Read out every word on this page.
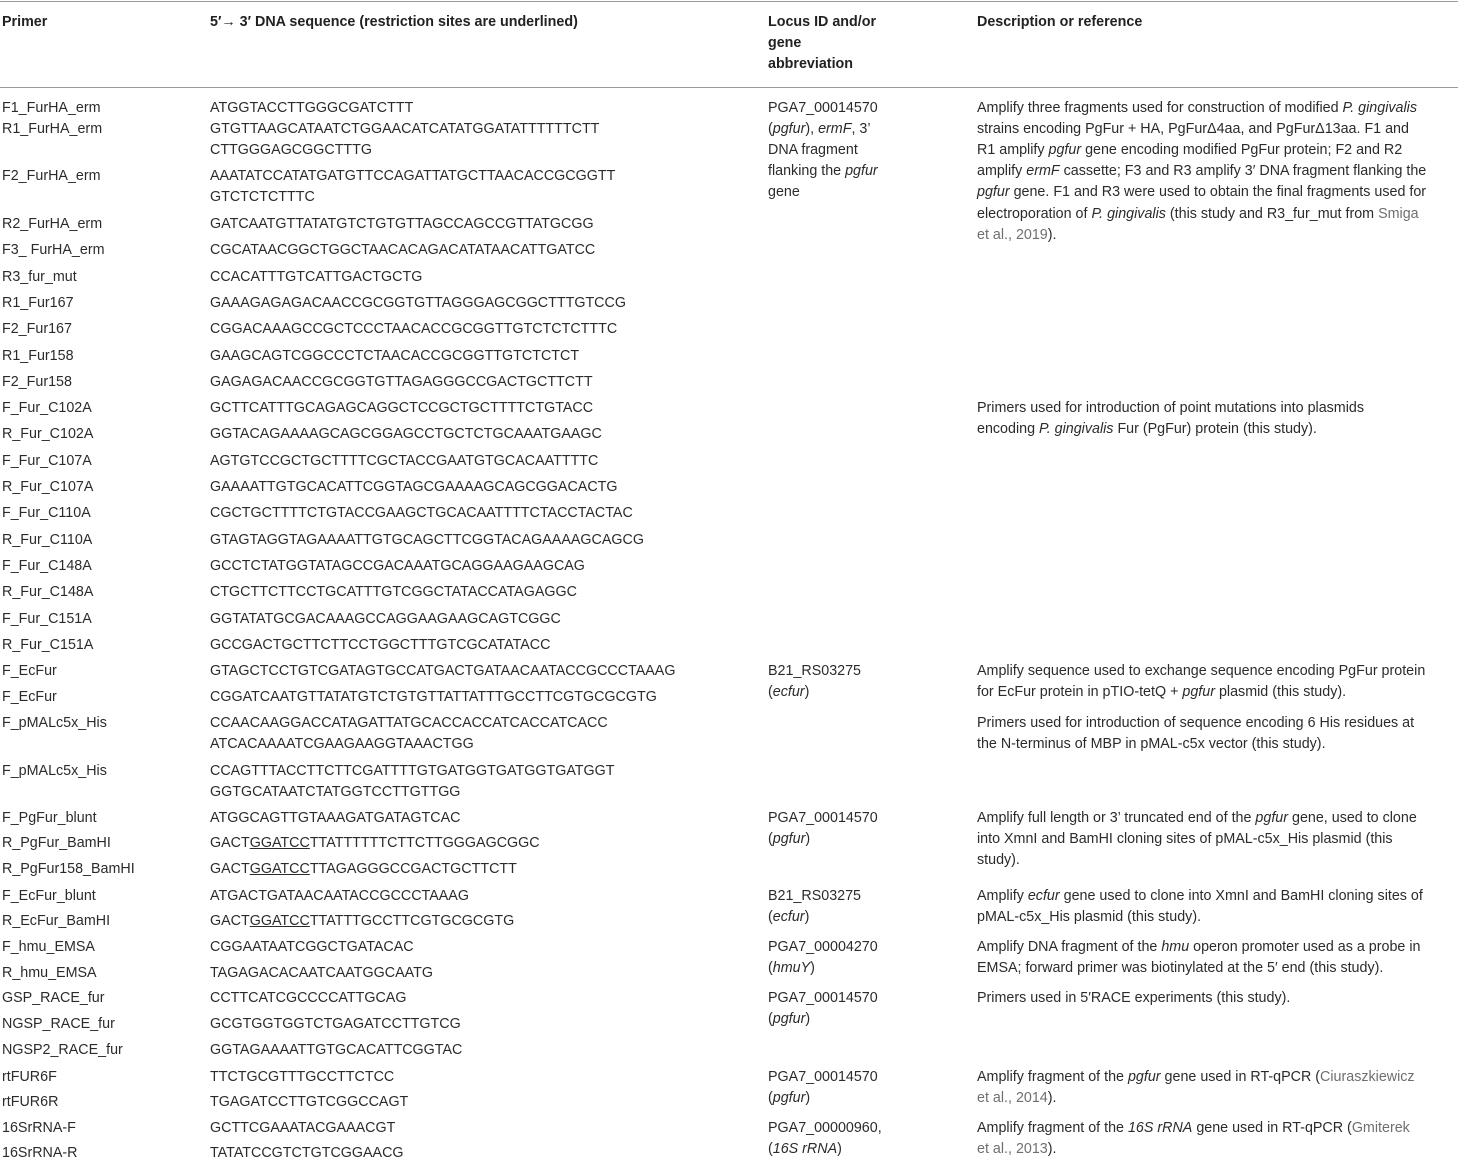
Primer	5′→ 3′ DNA sequence (restriction sites are underlined)	Locus ID and/or
gene
abbreviation
Description or reference
F1_FurHA_erm
R1_FurHA_erm
F2_FurHA_erm
R2_FurHA_erm
F3_ FurHA_erm
R3_fur_mut
R1_Fur167
F2_Fur167
R1_Fur158
F2_Fur158
F_Fur_C102A
R_Fur_C102A
F_Fur_C107A
R_Fur_C107A
F_Fur_C110A
R_Fur_C110A
F_Fur_C148A
R_Fur_C148A
F_Fur_C151A
R_Fur_C151A
F_EcFur
F_EcFur
F_pMALc5x_His
F_pMALc5x_His
F_PgFur_blunt
R_PgFur_BamHI
R_PgFur158_BamHI
F_EcFur_blunt
R_EcFur_BamHI
F_hmu_EMSA
R_hmu_EMSA
GSP_RACE_fur
NGSP_RACE_fur
NGSP2_RACE_fur
rtFUR6F
rtFUR6R
16SrRNA-F
16SrRNA-R
ATGGTACCTTGGGCGATCTTT
GTGTTAAGCATAATCTGGAACATCATATGGATATTTTTTCTT
CTTGGGAGCGGCTTTG
AAATATCCATATGATGTTCCAGATTATGCTTAACACCGCGGTT
GTCTCTCTTTC
GATCAATGTTATATGTCTGTGTTAGCCAGCCGTTATGCGG
CGCATAACGGCTGGCTAACACAGACATATAACATTGATCC
CCACATTTGTCATTGACTGCTG
GAAAGAGAGACAACCGCGGTGTTAGGGAGCGGCTTTGTCCG
CGGACAAAGCCGCTCCCTAACACCGCGGTTGTCTCTCTTTC
GAAGCAGTCGGCCCTCTAACACCGCGGTTGTCTCTCT
GAGAGACAACCGCGGTGTTAGAGGGCCGACTGCTTCTT
GCTTCATTTGCAGAGCAGGCTCCGCTGCTTTTCTGTACC
GGTACAGAAAAGCAGCGGAGCCTGCTCTGCAAATGAAGC
AGTGTCCGCTGCTTTTCGCTACCGAATGTGCACAATTTTC
GAAAATTGTGCACATTCGGTAGCGAAAAGCAGCGGACACTG
CGCTGCTTTTCTGTACCGAAGCTGCACAATTTTCTACCTACTAC
GTAGTAGGTAGAAAATTGTGCAGCTTCGGTACAGAAAAGCAGCG
GCCTCTATGGTATAGCCGACAAATGCAGGAAGAAGCAG
CTGCTTCTTCCTGCATTTGTCGGCTATACCATAGAGGC
GGTATATGCGACAAAGCCAGGAAGAAGCAGTCGGC
GCCGACTGCTTCTTCCTGGCTTTGTCGCATATACC
GTAGCTCCTGTCGATAGTGCCATGACTGATAACAATACCGCCCTAAAG
CGGATCAATGTTATATGTCTGTGTTATTATTTGCCTTCGTGCGCGTG
CCAACAAGGACCATAGATTATGCACCACCATCACCATCACC
ATCACAAAATCGAAGAAGGTAAACTGG
CCAGTTTACCTTCTTCGATTTTGTGATGGTGATGGTGATGGT
GGTGCATAATCTATGGTCCTTGTTGG
ATGGCAGTTGTAAAGATGATAGTCAC
GACTGGATCCTTATTTTTTCTTCTTGGGAGCGGC
GACTGGATCCTTAGAGGGCCGACTGCTTCTT
ATGACTGATAACAATACCGCCCTAAAG
GACTGGATCCTTATTTGCCTTCGTGCGCGTG
CGGAATAATCGGCTGATACAC
TAGAGACACAATCAATGGCAATG
CCTTCATCGCCCCATTGCAG
GCGTGGTGGTCTGAGATCCTTGTCG
GGTAGAAAATTGTGCACATTCGGTAC
TTCTGCGTTTGCCTTCTCC
TGAGATCCTTGTCGGCCAGT
GCTTCGAAATACGAAACGT
TATATCCGTCTGTCGGAACG
PGA7_00014570
(pgfur), ermF, 3’
DNA fragment
flanking the pgfur
gene
B21_RS03275
(ecfur)
PGA7_00014570
(pgfur)
B21_RS03275
(ecfur)
PGA7_00004270
(hmuY)
PGA7_00014570
(pgfur)
PGA7_00014570
(pgfur)
PGA7_00000960,
(16S rRNA)
Amplify three fragments used for construction of modified P. gingivalis
strains encoding PgFur + HA, PgFurΔ4aa, and PgFurΔ13aa. F1 and
R1 amplify pgfur gene encoding modified PgFur protein; F2 and R2
amplify ermF cassette; F3 and R3 amplify 3′ DNA fragment flanking the
pgfur gene. F1 and R3 were used to obtain the final fragments used for
electroporation of P. gingivalis (this study and R3_fur_mut from Smiga
et al., 2019).
Primers used for introduction of point mutations into plasmids
encoding P. gingivalis Fur (PgFur) protein (this study).
Amplify sequence used to exchange sequence encoding PgFur protein
for EcFur protein in pTIO-tetQ + pgfur plasmid (this study).
Primers used for introduction of sequence encoding 6 His residues at
the N-terminus of MBP in pMAL-c5x vector (this study).
Amplify full length or 3’ truncated end of the pgfur gene, used to clone
into XmnI and BamHI cloning sites of pMAL-c5x_His plasmid (this
study).
Amplify ecfur gene used to clone into XmnI and BamHI cloning sites of
pMAL-c5x_His plasmid (this study).
Amplify DNA fragment of the hmu operon promoter used as a probe in
EMSA; forward primer was biotinylated at the 5′ end (this study).
Primers used in 5′RACE experiments (this study).
Amplify fragment of the pgfur gene used in RT-qPCR (Ciuraszkiewicz
et al., 2014).
Amplify fragment of the 16S rRNA gene used in RT-qPCR (Gmiterek
et al., 2013).
